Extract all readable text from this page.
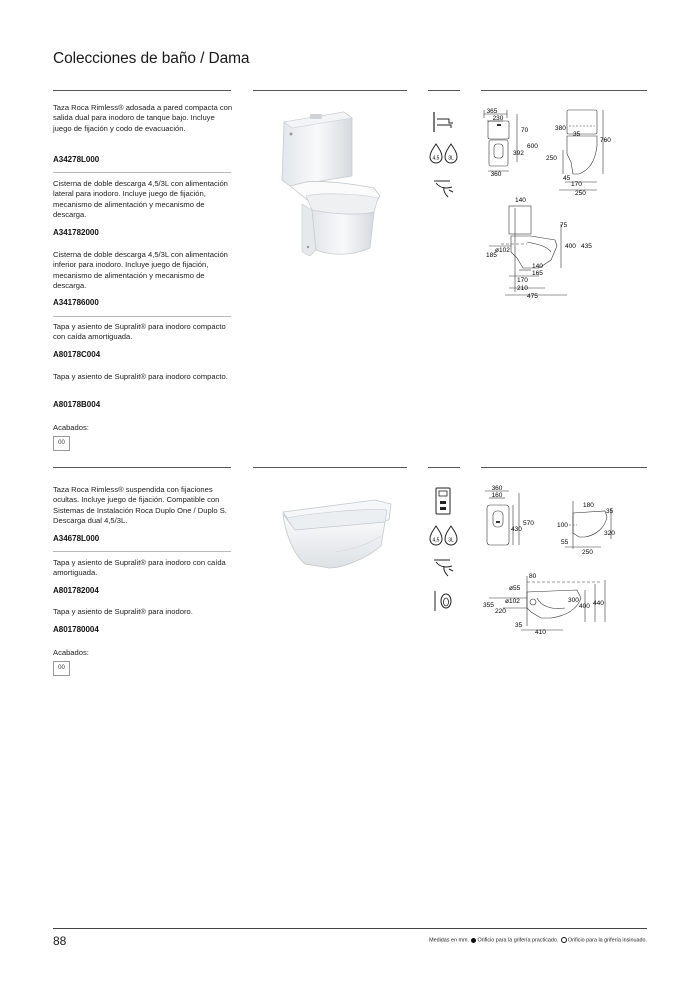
Colecciones de baño / Dama
Taza Roca Rimless® adosada a pared compacta con salida dual para inodoro de tanque bajo. Incluye juego de fijación y codo de evacuación.
A34278L000
Cisterna de doble descarga 4,5/3L con alimentación lateral para inodoro. Incluye juego de fijación, mecanismo de alimentación y mecanismo de descarga.
A341782000
Cisterna de doble descarga 4,5/3L con alimentación inferior para inodoro. Incluye juego de fijación, mecanismo de alimentación y mecanismo de descarga.
A341786000
Tapa y asiento de Supralit® para inodoro compacto con caída amortiguada.
A80178C004
Tapa y asiento de Supralit® para inodoro compacto.
A80178B004
Acabados:
00
4,5 3L
365
230
70
600
392
360
380
35
760
250
45
170
250
140
75
ø102
185
400 435
140
165
170
210
475
Taza Roca Rimless® suspendida con fijaciones ocultas. Incluye juego de fijación. Compatible con Sistemas de Instalación Roca Duplo One / Duplo S. Descarga dual 4,5/3L.
A34678L000
Tapa y asiento de Supralit® para inodoro con caída amortiguada.
A801782004
Tapa y asiento de Supralit® para inodoro.
A801780004
Acabados:
00
4,5 3L
360
160
430
570
180
35
100
320
55
250
80
ø55
ø102
355
220
300
400 440
35
410
88	Medidas en mm. Orificio para la grifería practicado. Orificio para la grifería insinuado.
